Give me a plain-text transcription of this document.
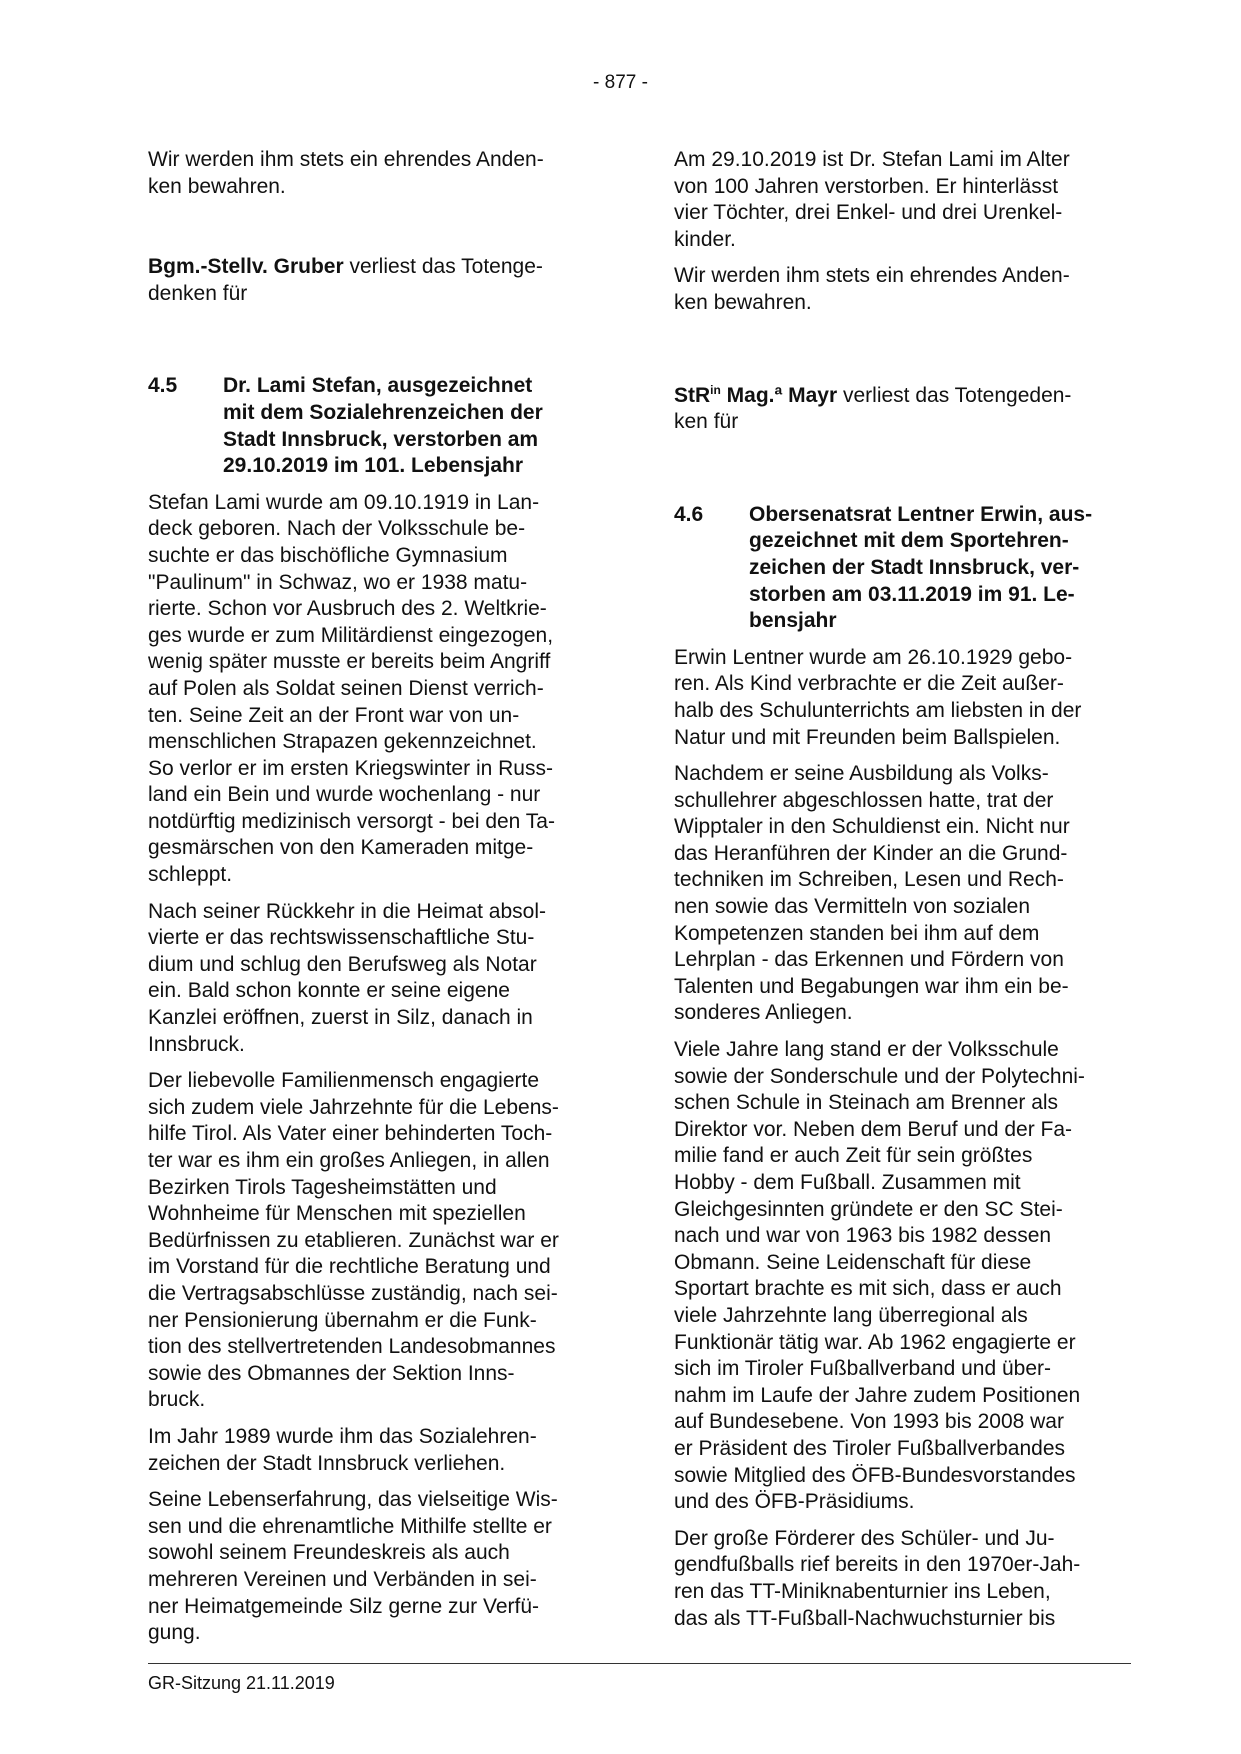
- 877 -
Wir werden ihm stets ein ehrendes Anden-
ken bewahren.
Bgm.-Stellv. Gruber verliest das Totenge-
denken für
4.5	Dr. Lami Stefan, ausgezeichnet
mit dem Sozialehrenzeichen der
Stadt Innsbruck, verstorben am
29.10.2019 im 101. Lebensjahr
Stefan Lami wurde am 09.10.1919 in Lan-
deck geboren. Nach der Volksschule be-
suchte er das bischöfliche Gymnasium
"Paulinum" in Schwaz, wo er 1938 matu-
rierte. Schon vor Ausbruch des 2. Weltkrie-
ges wurde er zum Militärdienst eingezogen,
wenig später musste er bereits beim Angriff
auf Polen als Soldat seinen Dienst verrich-
ten. Seine Zeit an der Front war von un-
menschlichen Strapazen gekennzeichnet.
So verlor er im ersten Kriegswinter in Russ-
land ein Bein und wurde wochenlang - nur
notdürftig medizinisch versorgt - bei den Ta-
gesmärschen von den Kameraden mitge-
schleppt.
Nach seiner Rückkehr in die Heimat absol-
vierte er das rechtswissenschaftliche Stu-
dium und schlug den Berufsweg als Notar
ein. Bald schon konnte er seine eigene
Kanzlei eröffnen, zuerst in Silz, danach in
Innsbruck.
Der liebevolle Familienmensch engagierte
sich zudem viele Jahrzehnte für die Lebens-
hilfe Tirol. Als Vater einer behinderten Toch-
ter war es ihm ein großes Anliegen, in allen
Bezirken Tirols Tagesheimstätten und
Wohnheime für Menschen mit speziellen
Bedürfnissen zu etablieren. Zunächst war er
im Vorstand für die rechtliche Beratung und
die Vertragsabschlüsse zuständig, nach sei-
ner Pensionierung übernahm er die Funk-
tion des stellvertretenden Landesobmannes
sowie des Obmannes der Sektion Inns-
bruck.
Im Jahr 1989 wurde ihm das Sozialehren-
zeichen der Stadt Innsbruck verliehen.
Seine Lebenserfahrung, das vielseitige Wis-
sen und die ehrenamtliche Mithilfe stellte er
sowohl seinem Freundeskreis als auch
mehreren Vereinen und Verbänden in sei-
ner Heimatgemeinde Silz gerne zur Verfü-
gung.
Am 29.10.2019 ist Dr. Stefan Lami im Alter
von 100 Jahren verstorben. Er hinterlässt
vier Töchter, drei Enkel- und drei Urenkel-
kinder.
Wir werden ihm stets ein ehrendes Anden-
ken bewahren.
StR$^{in}$ Mag.ª Mayr verliest das Totengeden-
ken für
4.6	Obersenatsrat Lentner Erwin, aus-
gezeichnet mit dem Sportehren-
zeichen der Stadt Innsbruck, ver-
storben am 03.11.2019 im 91. Le-
bensjahr
Erwin Lentner wurde am 26.10.1929 gebo-
ren. Als Kind verbrachte er die Zeit außer-
halb des Schulunterrichts am liebsten in der
Natur und mit Freunden beim Ballspielen.
Nachdem er seine Ausbildung als Volks-
schullehrer abgeschlossen hatte, trat der
Wipptaler in den Schuldienst ein. Nicht nur
das Heranführen der Kinder an die Grund-
techniken im Schreiben, Lesen und Rech-
nen sowie das Vermitteln von sozialen
Kompetenzen standen bei ihm auf dem
Lehrplan - das Erkennen und Fördern von
Talenten und Begabungen war ihm ein be-
sonderes Anliegen.
Viele Jahre lang stand er der Volksschule
sowie der Sonderschule und der Polytechni-
schen Schule in Steinach am Brenner als
Direktor vor. Neben dem Beruf und der Fa-
milie fand er auch Zeit für sein größtes
Hobby - dem Fußball. Zusammen mit
Gleichgesinnten gründete er den SC Stei-
nach und war von 1963 bis 1982 dessen
Obmann. Seine Leidenschaft für diese
Sportart brachte es mit sich, dass er auch
viele Jahrzehnte lang überregional als
Funktionär tätig war. Ab 1962 engagierte er
sich im Tiroler Fußballverband und über-
nahm im Laufe der Jahre zudem Positionen
auf Bundesebene. Von 1993 bis 2008 war
er Präsident des Tiroler Fußballverbandes
sowie Mitglied des ÖFB-Bundesvorstandes
und des ÖFB-Präsidiums.
Der große Förderer des Schüler- und Ju-
gendfußballs rief bereits in den 1970er-Jah-
ren das TT-Miniknabenturnier ins Leben,
das als TT-Fußball-Nachwuchsturnier bis
GR-Sitzung 21.11.2019
